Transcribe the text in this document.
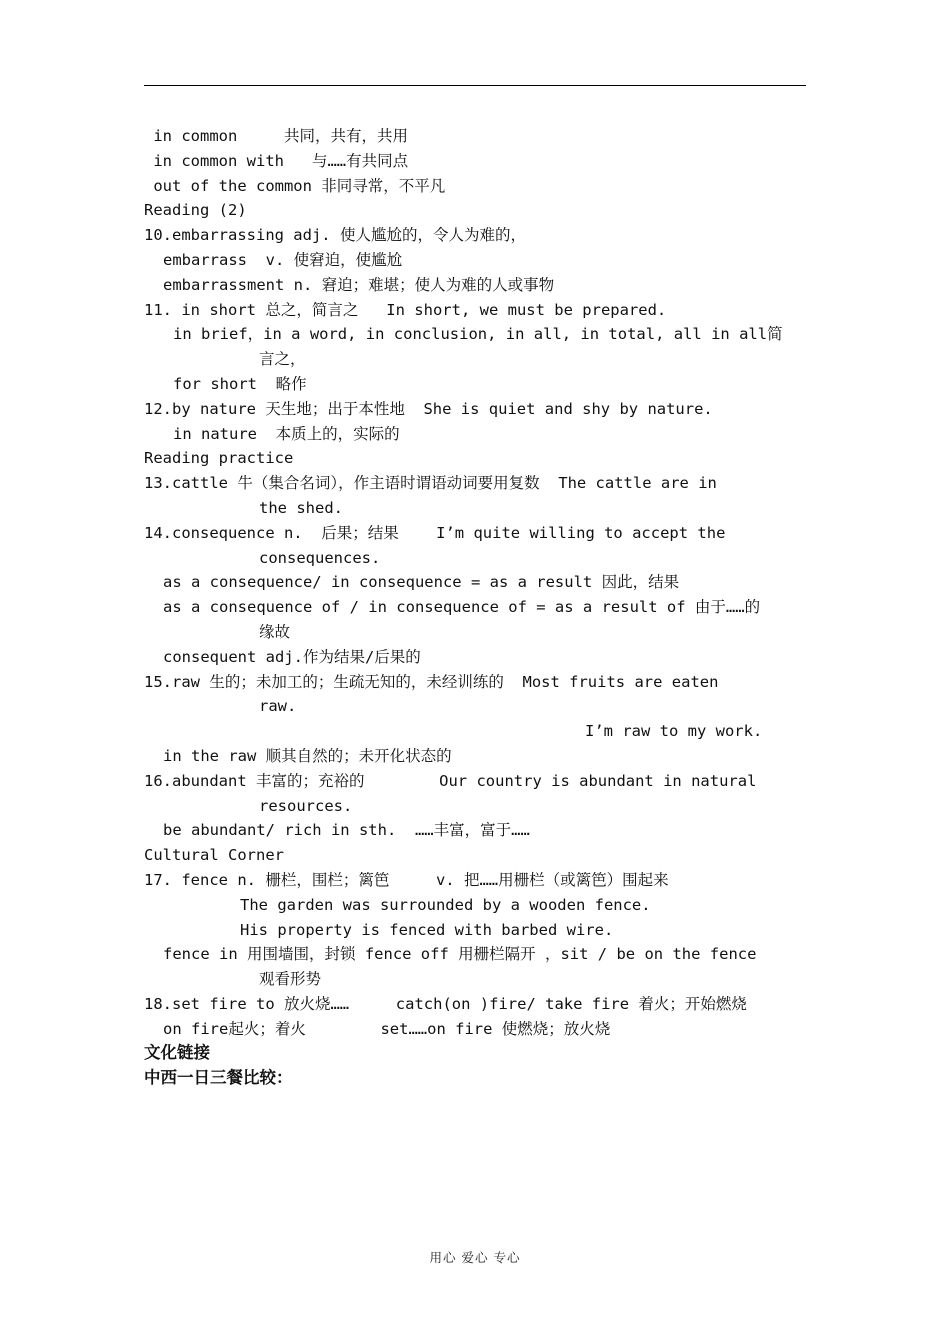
in common     共同，共有，共用
in common with   与……有共同点
out of the common 非同寻常，不平凡
Reading (2)
10.embarrassing adj. 使人尴尬的，令人为难的，
embarrass  v. 使窘迫，使尴尬
embarrassment n. 窘迫；难堪；使人为难的人或事物
11. in short 总之，简言之   In short, we must be prepared.
in brief，in a word, in conclusion, in all, in total, all in all简
言之，
for short  略作
12.by nature 天生地；出于本性地  She is quiet and shy by nature.
in nature  本质上的，实际的
Reading practice
13.cattle 牛（集合名词），作主语时谓语动词要用复数  The cattle are in
the shed.
14.consequence n.  后果；结果    I’m quite willing to accept the
consequences.
as a consequence/ in consequence = as a result 因此，结果
as a consequence of / in consequence of = as a result of 由于……的
缘故
consequent adj.作为结果/后果的
15.raw 生的；未加工的；生疏无知的，未经训练的  Most fruits are eaten
raw.
I’m raw to my work.
in the raw 顺其自然的；未开化状态的
16.abundant 丰富的；充裕的        Our country is abundant in natural
resources.
be abundant/ rich in sth.  ……丰富，富于……
Cultural Corner
17. fence n. 栅栏，围栏；篱笆     v. 把……用栅栏（或篱笆）围起来
The garden was surrounded by a wooden fence.
His property is fenced with barbed wire.
fence in 用围墙围，封锁 fence off 用栅栏隔开 ，sit / be on the fence
观看形势
18.set fire to 放火烧……     catch(on )fire/ take fire 着火；开始燃烧
on fire起火；着火        set……on fire 使燃烧；放火烧
文化链接
中西一日三餐比较：
用心 爱心 专心
